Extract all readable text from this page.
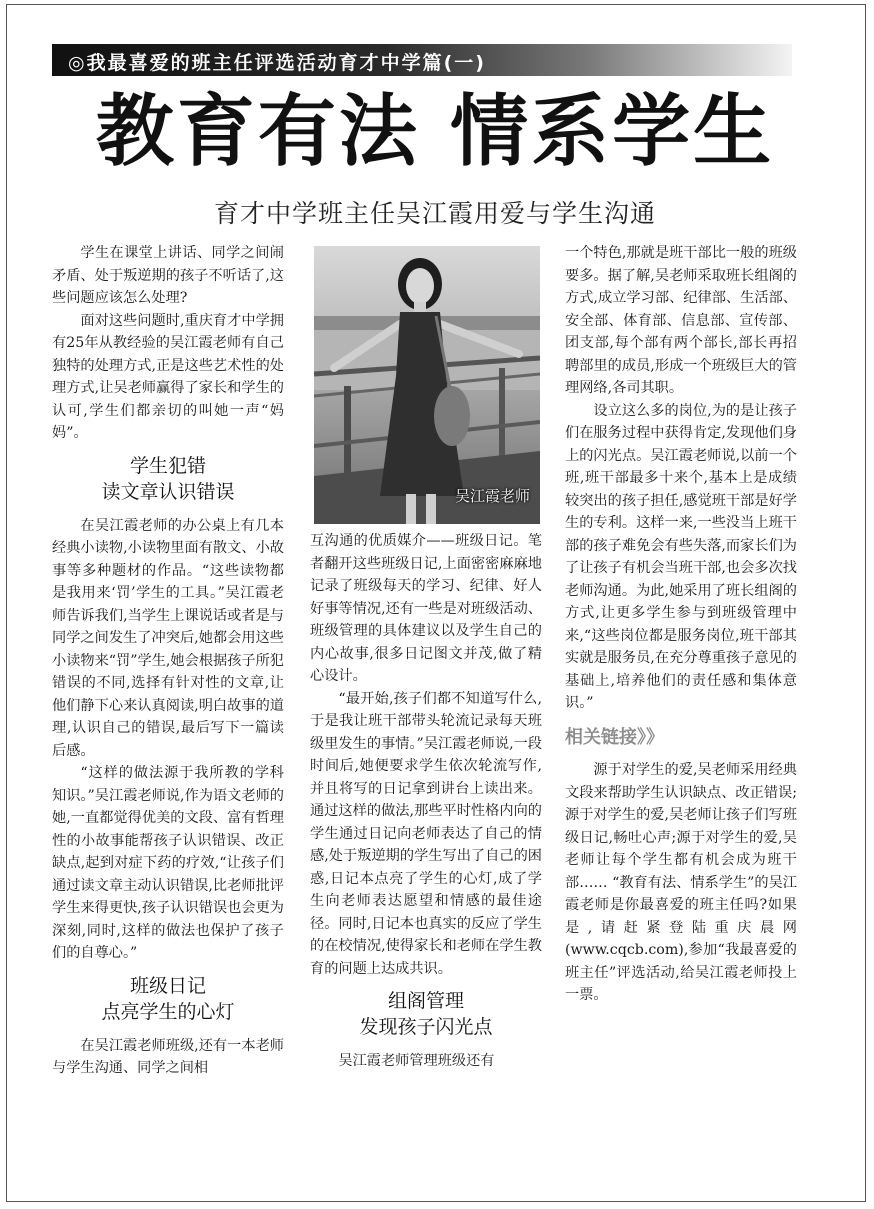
◎我最喜爱的班主任评选活动育才中学篇(一)
教育有法 情系学生
育才中学班主任吴江霞用爱与学生沟通

学生在课堂上讲话、同学之间闹矛盾、处于叛逆期的孩子不听话了,这些问题应该怎么处理?

面对这些问题时,重庆育才中学拥有25年从教经验的吴江霞老师有自己独特的处理方式,正是这些艺术性的处理方式,让吴老师赢得了家长和学生的认可,学生们都亲切的叫她一声“妈妈”。

学生犯错
读文章认识错误

在吴江霞老师的办公桌上有几本经典小读物,小读物里面有散文、小故事等多种题材的作品。“这些读物都是我用来‘罚’学生的工具。”吴江霞老师告诉我们,当学生上课说话或者是与同学之间发生了冲突后,她都会用这些小读物来“罚”学生,她会根据孩子所犯错误的不同,选择有针对性的文章,让他们静下心来认真阅读,明白故事的道理,认识自己的错误,最后写下一篇读后感。

“这样的做法源于我所教的学科知识。”吴江霞老师说,作为语文老师的她,一直都觉得优美的文段、富有哲理性的小故事能帮孩子认识错误、改正缺点,起到对症下药的疗效,“让孩子们通过读文章主动认识错误,比老师批评学生来得更快,孩子认识错误也会更为深刻,同时,这样的做法也保护了孩子们的自尊心。”

班级日记
点亮学生的心灯

在吴江霞老师班级,还有一本老师与学生沟通、同学之间相

吴江霞老师

互沟通的优质媒介——班级日记。笔者翻开这些班级日记,上面密密麻麻地记录了班级每天的学习、纪律、好人好事等情况,还有一些是对班级活动、班级管理的具体建议以及学生自己的内心故事,很多日记图文并茂,做了精心设计。

“最开始,孩子们都不知道写什么,于是我让班干部带头轮流记录每天班级里发生的事情。”吴江霞老师说,一段时间后,她便要求学生依次轮流写作,并且将写的日记拿到讲台上读出来。通过这样的做法,那些平时性格内向的学生通过日记向老师表达了自己的情感,处于叛逆期的学生写出了自己的困惑,日记本点亮了学生的心灯,成了学生向老师表达愿望和情感的最佳途径。同时,日记本也真实的反应了学生的在校情况,使得家长和老师在学生教育的问题上达成共识。

组阁管理
发现孩子闪光点

吴江霞老师管理班级还有

一个特色,那就是班干部比一般的班级要多。据了解,吴老师采取班长组阁的方式,成立学习部、纪律部、生活部、安全部、体育部、信息部、宣传部、团支部,每个部有两个部长,部长再招聘部里的成员,形成一个班级巨大的管理网络,各司其职。

设立这么多的岗位,为的是让孩子们在服务过程中获得肯定,发现他们身上的闪光点。吴江霞老师说,以前一个班,班干部最多十来个,基本上是成绩较突出的孩子担任,感觉班干部是好学生的专利。这样一来,一些没当上班干部的孩子难免会有些失落,而家长们为了让孩子有机会当班干部,也会多次找老师沟通。为此,她采用了班长组阁的方式,让更多学生参与到班级管理中来,“这些岗位都是服务岗位,班干部其实就是服务员,在充分尊重孩子意见的基础上,培养他们的责任感和集体意识。”

相关链接》》

源于对学生的爱,吴老师采用经典文段来帮助学生认识缺点、改正错误;源于对学生的爱,吴老师让孩子们写班级日记,畅吐心声;源于对学生的爱,吴老师让每个学生都有机会成为班干部…… “教育有法、情系学生”的吴江霞老师是你最喜爱的班主任吗?如果是,请赶紧登陆重庆晨网(www.cqcb.com),参加“我最喜爱的班主任”评选活动,给吴江霞老师投上一票。
